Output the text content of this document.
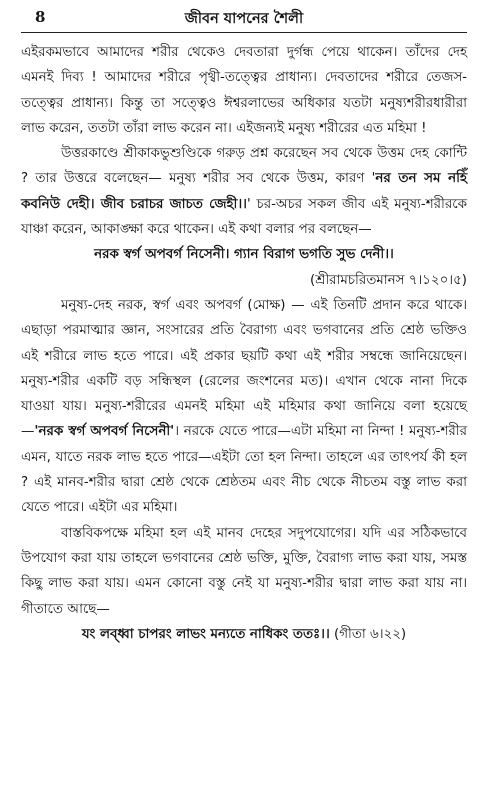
8	জীবন যাপনের শৈলী

এইরকমভাবে আমাদের শরীর থেকেও দেবতারা দুর্গন্ধ পেয়ে থাকেন। তাঁদের দেহ এমনই দিব্য ! আমাদের শরীরে পৃথ্বী-তত্ত্বের প্রাধান্য। দেবতাদের শরীরে তেজস-তত্ত্বের প্রাধান্য। কিন্তু তা সত্ত্বেও ঈশ্বরলাভের অধিকার যতটা মনুষ্যশরীরধারীরা লাভ করেন, ততটা তাঁরা লাভ করেন না। এইজন্যই মনুষ্য শরীরের এত মহিমা !

উত্তরকাণ্ডে শ্রীকাকভুশুণ্ডিকে গরুড় প্রশ্ন করেছেন সব থেকে উত্তম দেহ কোন্টি ? তার উত্তরে বলেছেন— মনুষ্য শরীর সব থেকে উত্তম, কারণ 'নর তন সম নহিঁ কবনিউ দেহী। জীব চরাচর জাচত জেহী।।' চর-অচর সকল জীব এই মনুষ্য-শরীরকে যাঞ্চা করেন, আকাঙ্ক্ষা করে থাকেন। এই কথা বলার পর বলছেন—

নরক স্বর্গ অপবর্গ নিসেনী। গ্যান বিরাগ ভগতি সুভ দেনী।।

(শ্রীরামচরিতমানস ৭।১২০।৫)

মনুষ্য-দেহ নরক, স্বর্গ এবং অপবর্গ (মোক্ষ) — এই তিনটি প্রদান করে থাকে। এছাড়া পরমাত্মার জ্ঞান, সংসারের প্রতি বৈরাগ্য এবং ভগবানের প্রতি শ্রেষ্ঠ ভক্তিও এই শরীরে লাভ হতে পারে। এই প্রকার ছয়টি কথা এই শরীর সম্বন্ধে জানিয়েছেন। মনুষ্য-শরীর একটি বড় সন্ধিস্থল (রেলের জংশনের মত)। এখান থেকে নানা দিকে যাওয়া যায়। মনুষ্য-শরীরের এমনই মহিমা এই মহিমার কথা জানিয়ে বলা হয়েছে—'নরক স্বর্গ অপবর্গ নিসেনী'। নরকে যেতে পারে—এটা মহিমা না নিন্দা ! মনুষ্য-শরীর এমন, যাতে নরক লাভ হতে পারে—এইটা তো হল নিন্দা। তাহলে এর তাৎপর্য কী হল ? এই মানব-শরীর দ্বারা শ্রেষ্ঠ থেকে শ্রেষ্ঠতম এবং নীচ থেকে নীচতম বস্তু লাভ করা যেতে পারে। এইটা এর মহিমা।

বাস্তবিকপক্ষে মহিমা হল এই মানব দেহের সদুপযোগের। যদি এর সঠিকভাবে উপযোগ করা যায় তাহলে ভগবানের শ্রেষ্ঠ ভক্তি, মুক্তি, বৈরাগ্য লাভ করা যায়, সমস্ত কিছু লাভ করা যায়। এমন কোনো বস্তু নেই যা মনুষ্য-শরীর দ্বারা লাভ করা যায় না। গীতাতে আছে—

যং লব্ধ্বা চাপরং লাভং মন্যতে নাধিকং ততঃ।। (গীতা ৬।২২)
